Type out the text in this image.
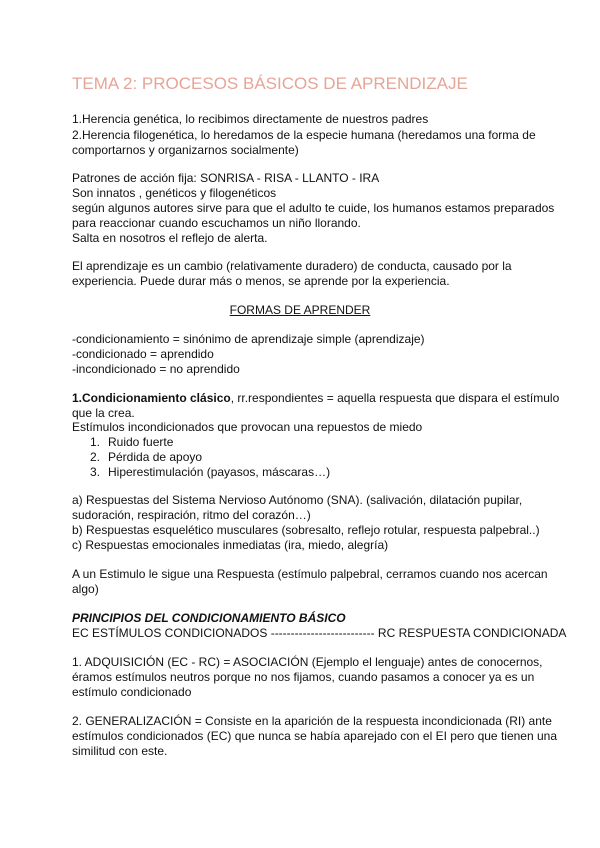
TEMA 2: PROCESOS BÁSICOS DE APRENDIZAJE

1.Herencia genética, lo recibimos directamente de nuestros padres

2.Herencia filogenética, lo heredamos de la especie humana (heredamos una forma de

comportarnos y organizarnos socialmente)

Patrones de acción fija: SONRISA - RISA - LLANTO - IRA

Son innatos , genéticos y filogenéticos

según algunos autores sirve para que el adulto te cuide, los humanos estamos preparados

para reaccionar cuando escuchamos un niño llorando.

Salta en nosotros el reflejo de alerta.

El aprendizaje es un cambio (relativamente duradero) de conducta, causado por la

experiencia. Puede durar más o menos, se aprende por la experiencia.

FORMAS DE APRENDER

-condicionamiento = sinónimo de aprendizaje simple (aprendizaje)

-condicionado = aprendido

-incondicionado = no aprendido

1.Condicionamiento clásico, rr.respondientes = aquella respuesta que dispara el estímulo

que la crea.

Estímulos incondicionados que provocan una repuestos de miedo

1. Ruido fuerte

2. Pérdida de apoyo

3. Hiperestimulación (payasos, máscaras…)

a) Respuestas del Sistema Nervioso Autónomo (SNA). (salivación, dilatación pupilar,

sudoración, respiración, ritmo del corazón…)

b) Respuestas esquelético musculares (sobresalto, reflejo rotular, respuesta palpebral..)

c) Respuestas emocionales inmediatas (ira, miedo, alegría)

A un Estimulo le sigue una Respuesta (estímulo palpebral, cerramos cuando nos acercan

algo)

PRINCIPIOS DEL CONDICIONAMIENTO BÁSICO

EC ESTÍMULOS CONDICIONADOS -------------------------- RC RESPUESTA CONDICIONADA

1. ADQUISICIÓN (EC - RC) = ASOCIACIÓN (Ejemplo el lenguaje) antes de conocernos,

éramos estímulos neutros porque no nos fijamos, cuando pasamos a conocer ya es un

estímulo condicionado

2. GENERALIZACIÓN = Consiste en la aparición de la respuesta incondicionada (RI) ante

estímulos condicionados (EC) que nunca se había aparejado con el EI pero que tienen una

similitud con este.
